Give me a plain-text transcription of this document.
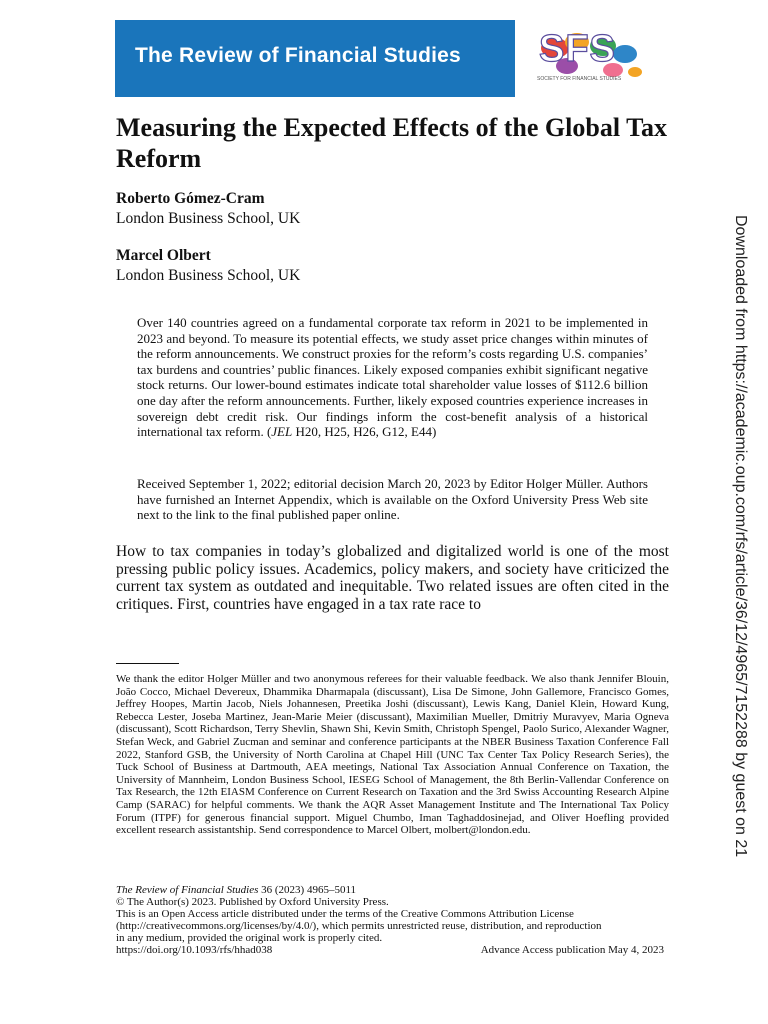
The Review of Financial Studies SFS
SOCIETY FOR FINANCIAL STUDIES
Measuring the Expected Effects of the Global Tax Reform
Roberto Gómez-Cram
London Business School, UK
Marcel Olbert
London Business School, UK

Over 140 countries agreed on a fundamental corporate tax reform in 2021 to be implemented in 2023 and beyond. To measure its potential effects, we study asset price changes within minutes of the reform announcements. We construct proxies for the reform’s costs regarding U.S. companies’ tax burdens and countries’ public finances. Likely exposed companies exhibit significant negative stock returns. Our lower-bound estimates indicate total shareholder value losses of $112.6 billion one day after the reform announcements. Further, likely exposed countries experience increases in sovereign debt credit risk. Our findings inform the cost-benefit analysis of a historical international tax reform. (JEL H20, H25, H26, G12, E44)

Received September 1, 2022; editorial decision March 20, 2023 by Editor Holger Müller. Authors have furnished an Internet Appendix, which is available on the Oxford University Press Web site next to the link to the final published paper online.

How to tax companies in today’s globalized and digitalized world is one of the most pressing public policy issues. Academics, policy makers, and society have criticized the current tax system as outdated and inequitable. Two related issues are often cited in the critiques. First, countries have engaged in a tax rate race to

We thank the editor Holger Müller and two anonymous referees for their valuable feedback. We also thank Jennifer Blouin, João Cocco, Michael Devereux, Dhammika Dharmapala (discussant), Lisa De Simone, John Gallemore, Francisco Gomes, Jeffrey Hoopes, Martin Jacob, Niels Johannesen, Preetika Joshi (discussant), Lewis Kang, Daniel Klein, Howard Kung, Rebecca Lester, Joseba Martinez, Jean-Marie Meier (discussant), Maximilian Mueller, Dmitriy Muravyev, Maria Ogneva (discussant), Scott Richardson, Terry Shevlin, Shawn Shi, Kevin Smith, Christoph Spengel, Paolo Surico, Alexander Wagner, Stefan Weck, and Gabriel Zucman and seminar and conference participants at the NBER Business Taxation Conference Fall 2022, Stanford GSB, the University of North Carolina at Chapel Hill (UNC Tax Center Tax Policy Research Series), the Tuck School of Business at Dartmouth, AEA meetings, National Tax Association Annual Conference on Taxation, the University of Mannheim, London Business School, IESEG School of Management, the 8th Berlin-Vallendar Conference on Tax Research, the 12th EIASM Conference on Current Research on Taxation and the 3rd Swiss Accounting Research Alpine Camp (SARAC) for helpful comments. We thank the AQR Asset Management Institute and The International Tax Policy Forum (ITPF) for generous financial support. Miguel Chumbo, Iman Taghaddosinejad, and Oliver Hoefling provided excellent research assistantship. Send correspondence to Marcel Olbert, molbert@london.edu.

The Review of Financial Studies 36 (2023) 4965–5011
© The Author(s) 2023. Published by Oxford University Press.
This is an Open Access article distributed under the terms of the Creative Commons Attribution License
(http://creativecommons.org/licenses/by/4.0/), which permits unrestricted reuse, distribution, and reproduction
in any medium, provided the original work is properly cited.
https://doi.org/10.1093/rfs/hhad038	Advance Access publication May 4, 2023
Downloaded from https://academic.oup.com/rfs/article/36/12/4965/7152288 by guest on 21
